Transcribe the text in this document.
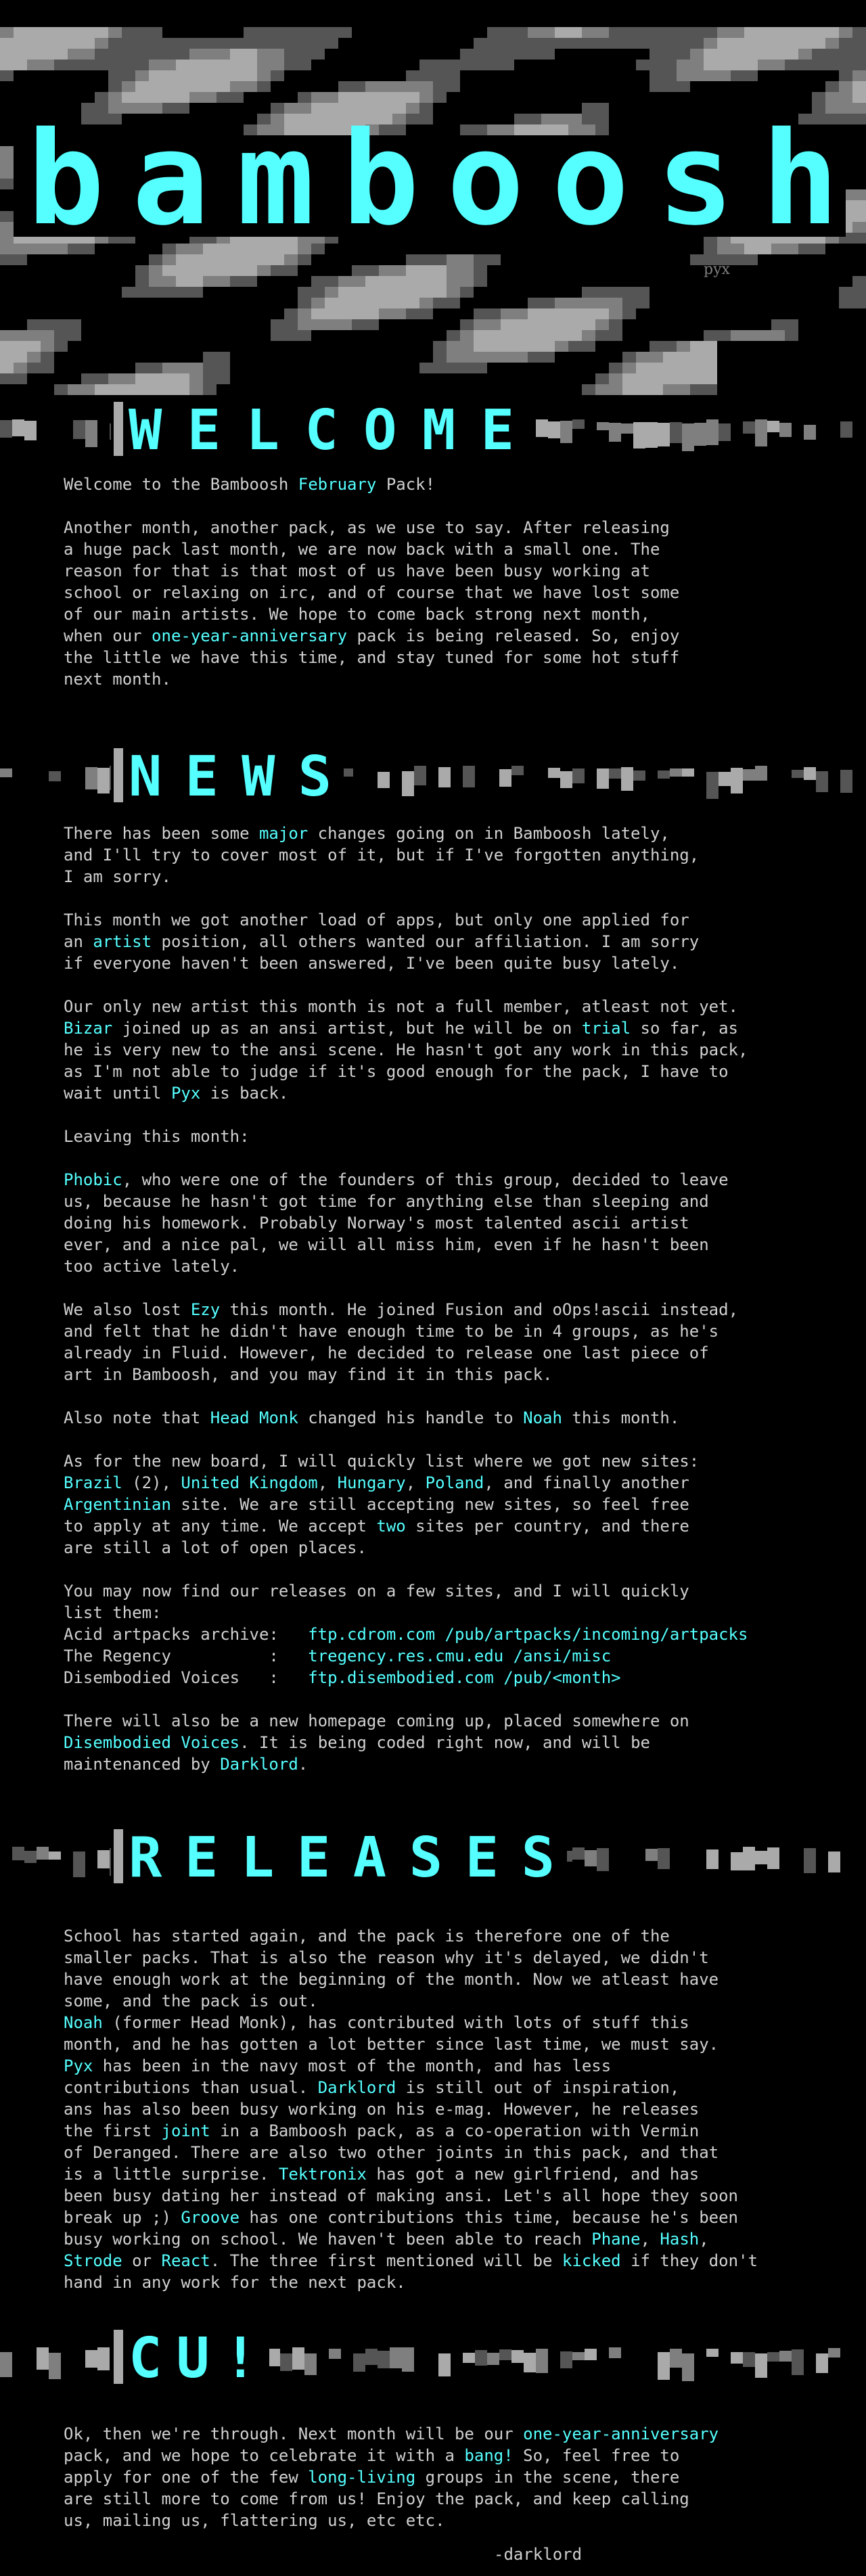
bamboosh
pyx
WELCOME
NEWS
RELEASES
CU!
Welcome to the Bamboosh February Pack!
Another month, another pack, as we use to say. After releasing
a huge pack last month, we are now back with a small one. The
reason for that is that most of us have been busy working at
school or relaxing on irc, and of course that we have lost some
of our main artists. We hope to come back strong next month,
when our one-year-anniversary pack is being released. So, enjoy
the little we have this time, and stay tuned for some hot stuff
next month.
There has been some major changes going on in Bamboosh lately,
and I'll try to cover most of it, but if I've forgotten anything,
I am sorry.
This month we got another load of apps, but only one applied for
an artist position, all others wanted our affiliation. I am sorry
if everyone haven't been answered, I've been quite busy lately.
Our only new artist this month is not a full member, atleast not yet.
Bizar joined up as an ansi artist, but he will be on trial so far, as
he is very new to the ansi scene. He hasn't got any work in this pack,
as I'm not able to judge if it's good enough for the pack, I have to
wait until Pyx is back.
Leaving this month:
Phobic, who were one of the founders of this group, decided to leave
us, because he hasn't got time for anything else than sleeping and
doing his homework. Probably Norway's most talented ascii artist
ever, and a nice pal, we will all miss him, even if he hasn't been
too active lately.
We also lost Ezy this month. He joined Fusion and oOps!ascii instead,
and felt that he didn't have enough time to be in 4 groups, as he's
already in Fluid. However, he decided to release one last piece of
art in Bamboosh, and you may find it in this pack.
Also note that Head Monk changed his handle to Noah this month.
As for the new board, I will quickly list where we got new sites:
Brazil (2), United Kingdom, Hungary, Poland, and finally another
Argentinian site. We are still accepting new sites, so feel free
to apply at any time. We accept two sites per country, and there
are still a lot of open places.
You may now find our releases on a few sites, and I will quickly
list them:
Acid artpacks archive:   ftp.cdrom.com /pub/artpacks/incoming/artpacks
The Regency          :   tregency.res.cmu.edu /ansi/misc
Disembodied Voices   :   ftp.disembodied.com /pub/<month>
There will also be a new homepage coming up, placed somewhere on
Disembodied Voices. It is being coded right now, and will be
maintenanced by Darklord.
School has started again, and the pack is therefore one of the
smaller packs. That is also the reason why it's delayed, we didn't
have enough work at the beginning of the month. Now we atleast have
some, and the pack is out.
Noah (former Head Monk), has contributed with lots of stuff this
month, and he has gotten a lot better since last time, we must say.
Pyx has been in the navy most of the month, and has less
contributions than usual. Darklord is still out of inspiration,
ans has also been busy working on his e-mag. However, he releases
the first joint in a Bamboosh pack, as a co-operation with Vermin
of Deranged. There are also two other joints in this pack, and that
is a little surprise. Tektronix has got a new girlfriend, and has
been busy dating her instead of making ansi. Let's all hope they soon
break up ;) Groove has one contributions this time, because he's been
busy working on school. We haven't been able to reach Phane, Hash,
Strode or React. The three first mentioned will be kicked if they don't
hand in any work for the next pack.
Ok, then we're through. Next month will be our one-year-anniversary
pack, and we hope to celebrate it with a bang! So, feel free to
apply for one of the few long-living groups in the scene, there
are still more to come from us! Enjoy the pack, and keep calling
us, mailing us, flattering us, etc etc.
-darklord
